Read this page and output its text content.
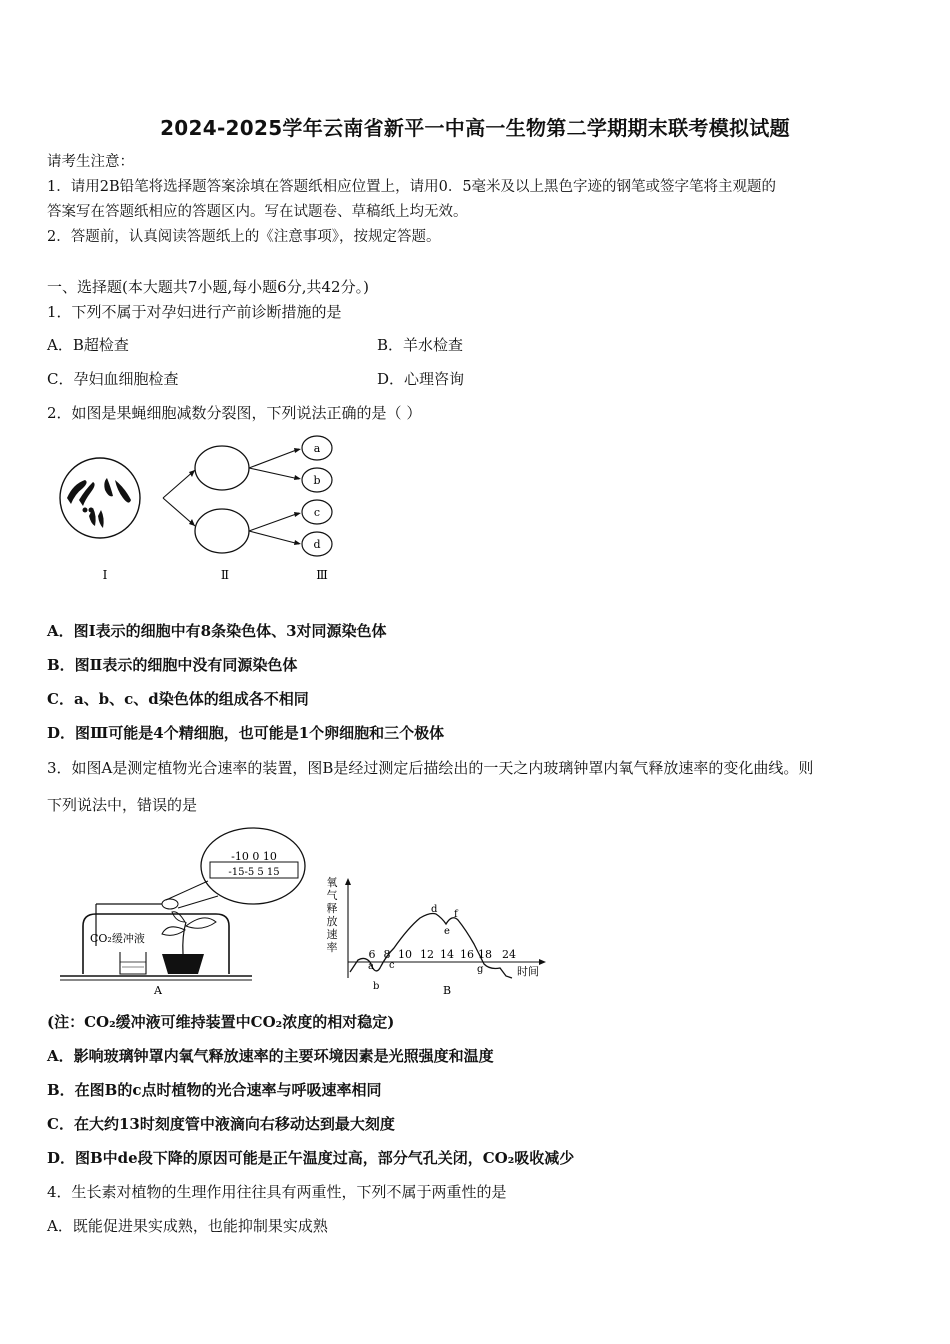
2024-2025学年云南省新平一中高一生物第二学期期末联考模拟试题
请考生注意：
1．请用2B铅笔将选择题答案涂填在答题纸相应位置上，请用0．5毫米及以上黑色字迹的钢笔或签字笔将主观题的
答案写在答题纸相应的答题区内。写在试题卷、草稿纸上均无效。
2．答题前，认真阅读答题纸上的《注意事项》，按规定答题。
一、选择题(本大题共7小题,每小题6分,共42分。)
1．下列不属于对孕妇进行产前诊断措施的是
A．B超检查	B．羊水检查
C．孕妇血细胞检查	D．心理咨询
2．如图是果蝇细胞减数分裂图，下列说法正确的是（ ）
a
b
c
d
Ⅰ	Ⅱ	Ⅲ
A．图Ⅰ表示的细胞中有8条染色体、3对同源染色体
B．图Ⅱ表示的细胞中没有同源染色体
C．a、b、c、d染色体的组成各不相同
D．图Ⅲ可能是4个精细胞，也可能是1个卵细胞和三个极体
3．如图A是测定植物光合速率的装置，图B是经过测定后描绘出的一天之内玻璃钟罩内氧气释放速率的变化曲线。则
下列说法中，错误的是
-10 0 10
-15-5 5 15
CO₂缓冲液
A
氧
气
释
放
速
率
6 8 10 12 14 16 18 24
时间
a
b
c
d
e
f
g
B
(注：CO₂缓冲液可维持装置中CO₂浓度的相对稳定)
A．影响玻璃钟罩内氧气释放速率的主要环境因素是光照强度和温度
B．在图B的c点时植物的光合速率与呼吸速率相同
C．在大约13时刻度管中液滴向右移动达到最大刻度
D．图B中de段下降的原因可能是正午温度过高，部分气孔关闭，CO₂吸收减少
4．生长素对植物的生理作用往往具有两重性，下列不属于两重性的是
A．既能促进果实成熟，也能抑制果实成熟
